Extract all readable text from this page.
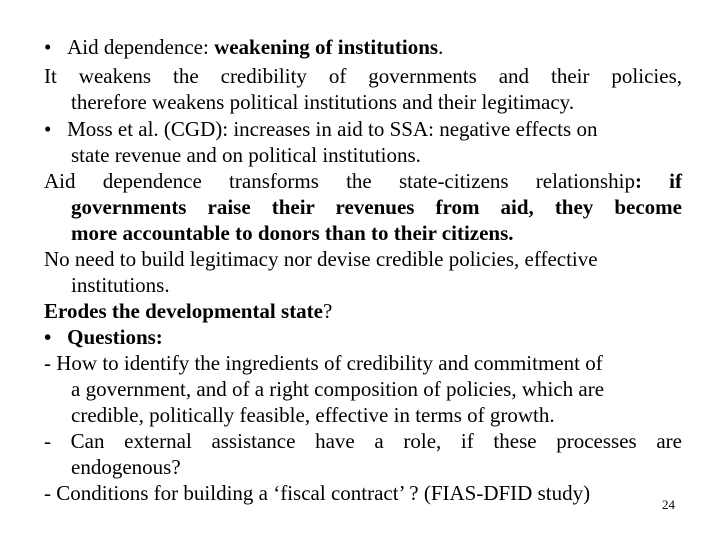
• Aid dependence: weakening of institutions.
It weakens the credibility of governments and their policies,
therefore weakens political institutions and their legitimacy.
• Moss et al. (CGD): increases in aid to SSA: negative effects on
state revenue and on political institutions.
Aid dependence transforms the state-citizens relationship: if
governments raise their revenues from aid, they become
more accountable to donors than to their citizens.
No need to build legitimacy nor devise credible policies, effective
institutions.
Erodes the developmental state?
• Questions:
- How to identify the ingredients of credibility and commitment of
a government, and of a right composition of policies, which are
credible, politically feasible, effective in terms of growth.
- Can external assistance have a role, if these processes are
endogenous?
- Conditions for building a ‘fiscal contract’ ? (FIAS-DFID study)	24
